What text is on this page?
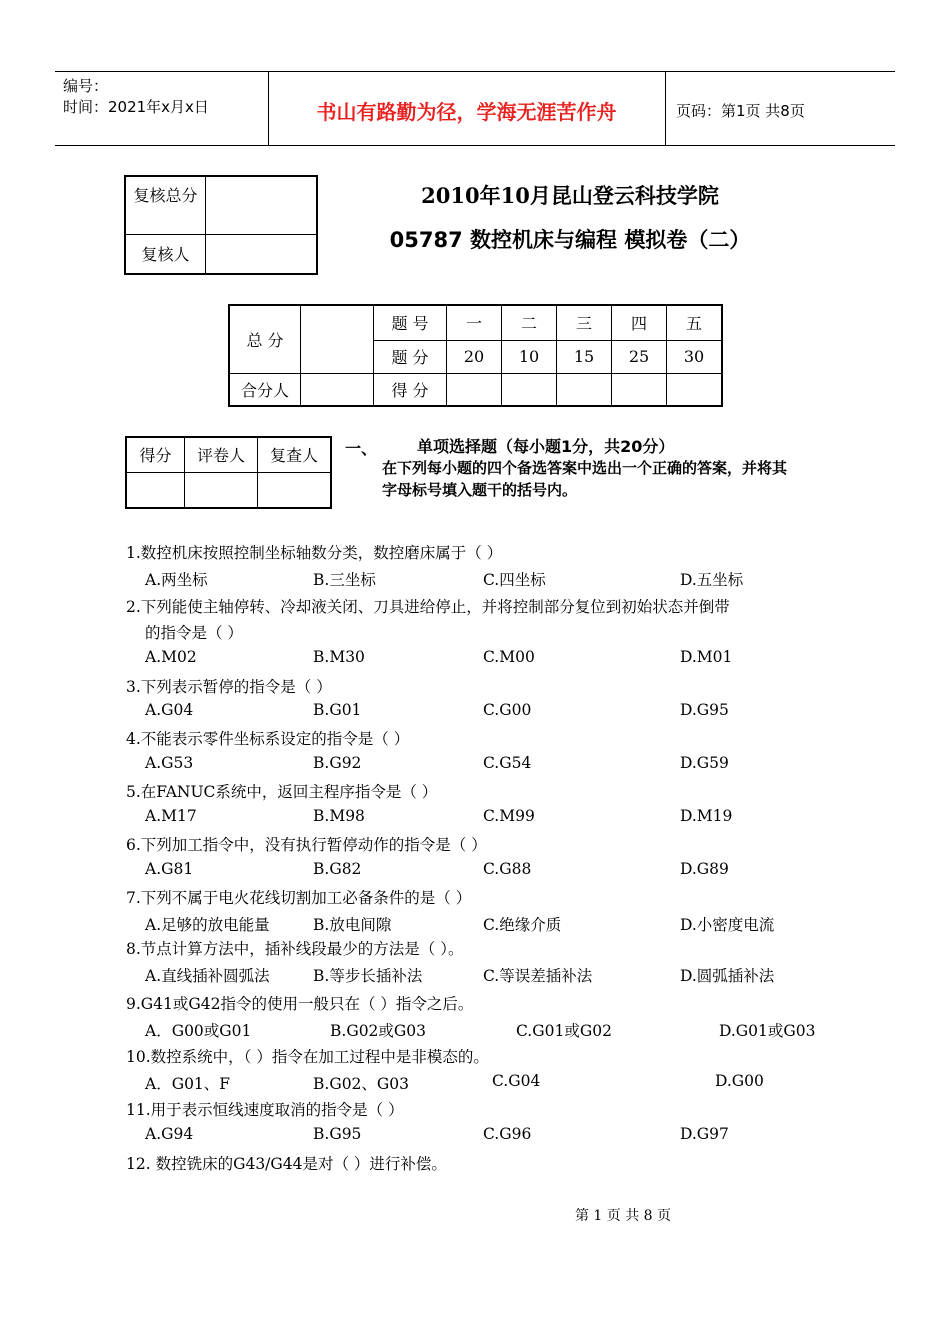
编号：
时间：2021年x月x日	书山有路勤为径，学海无涯苦作舟	页码：第1页 共8页
复核总分	
复核人	
2010年10月昆山登云科技学院
05787 数控机床与编程 模拟卷（二）
总 分		题 号	一	二	三	四	五
		题 分	20	10	15	25	30
合分人		得 分					
得分	评卷人	复查人
		一、 单项选择题（每小题1分，共20分）
在下列每小题的四个备选答案中选出一个正确的答案，并将其字母标号填入题干的括号内。
1.数控机床按照控制坐标轴数分类，数控磨床属于（ ）
A.两坐标	B.三坐标	C.四坐标	D.五坐标
2.下列能使主轴停转、冷却液关闭、刀具进给停止，并将控制部分复位到初始状态并倒带
的指令是（ ）
A.M02	B.M30	C.M00	D.M01
3.下列表示暂停的指令是（ ）
A.G04	B.G01	C.G00	D.G95
4.不能表示零件坐标系设定的指令是（ ）
A.G53	B.G92	C.G54	D.G59
5.在FANUC系统中，返回主程序指令是（ ）
A.M17	B.M98	C.M99	D.M19
6.下列加工指令中，没有执行暂停动作的指令是（ ）
A.G81	B.G82	C.G88	D.G89
7.下列不属于电火花线切割加工必备条件的是（ ）
A.足够的放电能量	B.放电间隙	C.绝缘介质	D.小密度电流
8.节点计算方法中，插补线段最少的方法是（ ）。
A.直线插补圆弧法	B.等步长插补法	C.等误差插补法	D.圆弧插补法
9.G41或G42指令的使用一般只在（ ）指令之后。
A．G00或G01	B.G02或G03	C.G01或G02	D.G01或G03
10.数控系统中，（ ）指令在加工过程中是非模态的。
A．G01、F	B.G02、G03	C.G04	D.G00
11.用于表示恒线速度取消的指令是（ ）
A.G94	B.G95	C.G96	D.G97
12. 数控铣床的G43/G44是对（ ）进行补偿。
第 1 页 共 8 页
